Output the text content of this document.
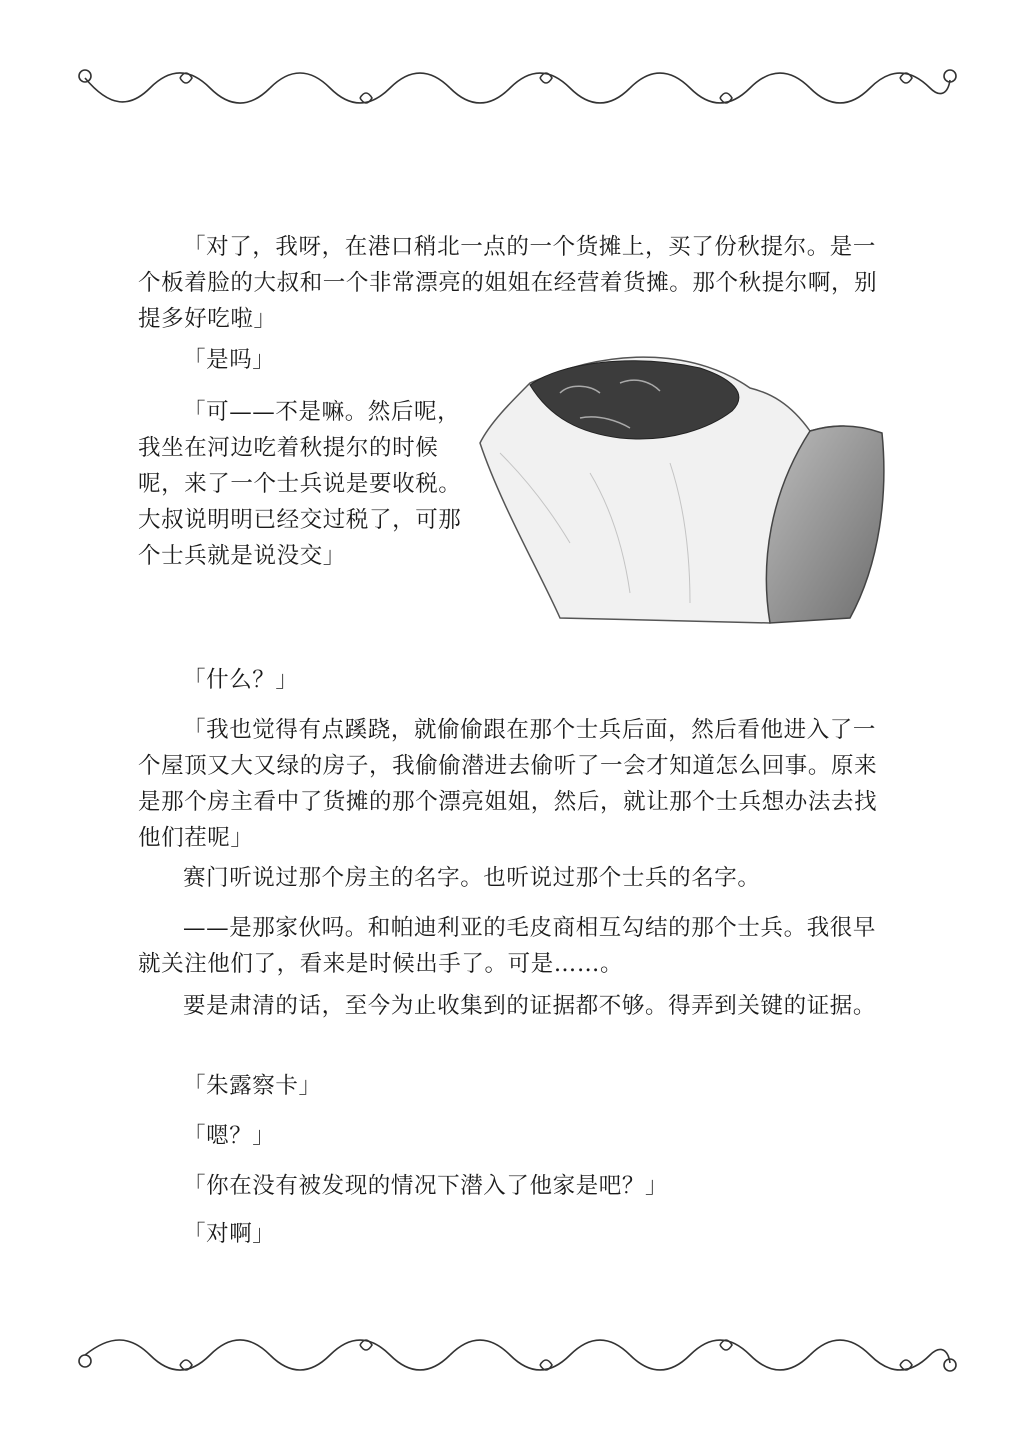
「对了，我呀，在港口稍北一点的一个货摊上，买了份秋提尔。是一个板着脸的大叔和一个非常漂亮的姐姐在经营着货摊。那个秋提尔啊，别提多好吃啦」

「是吗」

「可——不是嘛。然后呢，我坐在河边吃着秋提尔的时候呢，来了一个士兵说是要收税。大叔说明明已经交过税了，可那个士兵就是说没交」

「什么？」

「我也觉得有点蹊跷，就偷偷跟在那个士兵后面，然后看他进入了一个屋顶又大又绿的房子，我偷偷潜进去偷听了一会才知道怎么回事。原来是那个房主看中了货摊的那个漂亮姐姐，然后，就让那个士兵想办法去找他们茬呢」

赛门听说过那个房主的名字。也听说过那个士兵的名字。

——是那家伙吗。和帕迪利亚的毛皮商相互勾结的那个士兵。我很早就关注他们了，看来是时候出手了。可是……。

要是肃清的话，至今为止收集到的证据都不够。得弄到关键的证据。

「朱露察卡」

「嗯？」

「你在没有被发现的情况下潜入了他家是吧？」

「对啊」
